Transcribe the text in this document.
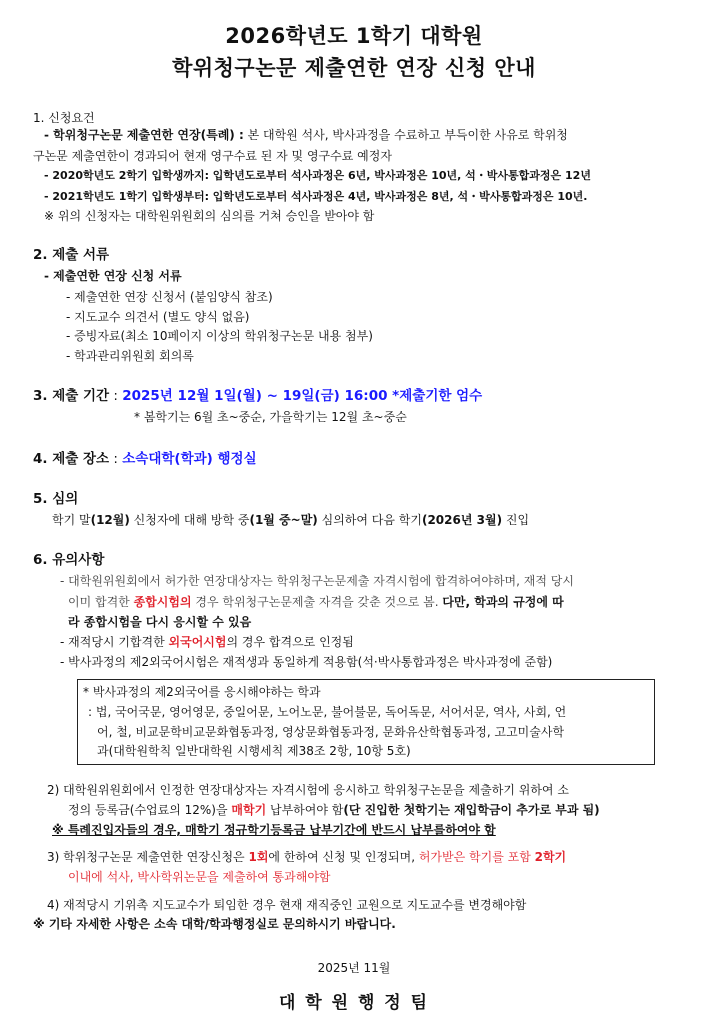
2026학년도 1학기 대학원
학위청구논문 제출연한 연장 신청 안내
1. 신청요건
- 학위청구논문 제출연한 연장(특례) : 본 대학원 석사, 박사과정을 수료하고 부득이한 사유로 학위청
구논문 제출연한이 경과되어 현재 영구수료 된 자 및 영구수료 예정자
- 2020학년도 2학기 입학생까지: 입학년도로부터 석사과정은 6년, 박사과정은 10년, 석・박사통합과정은 12년
- 2021학년도 1학기 입학생부터: 입학년도로부터 석사과정은 4년, 박사과정은 8년, 석・박사통합과정은 10년.
※ 위의 신청자는 대학원위원회의 심의를 거쳐 승인을 받아야 함
2. 제출 서류
- 제출연한 연장 신청 서류
- 제출연한 연장 신청서 (붙임양식 참조)
- 지도교수 의견서 (별도 양식 없음)
- 증빙자료(최소 10페이지 이상의 학위청구논문 내용 첨부)
- 학과관리위원회 회의록
3. 제출 기간 : 2025년 12월 1일(월) ~ 19일(금) 16:00 *제출기한 엄수
* 봄학기는 6월 초~중순, 가을학기는 12월 초~중순
4. 제출 장소 : 소속대학(학과) 행정실
5. 심의
학기 말(12월) 신청자에 대해 방학 중(1월 중~말) 심의하여 다음 학기(2026년 3월) 진입
6. 유의사항
- 대학원위원회에서 허가한 연장대상자는 학위청구논문제출 자격시험에 합격하여야하며, 재적 당시
이미 합격한 종합시험의 경우 학위청구논문제출 자격을 갖춘 것으로 봄. 다만, 학과의 규정에 따
라 종합시험을 다시 응시할 수 있음
- 재적당시 기합격한 외국어시험의 경우 합격으로 인정됨
- 박사과정의 제2외국어시험은 재적생과 동일하게 적용함(석·박사통합과정은 박사과정에 준함)
* 박사과정의 제2외국어를 응시해야하는 학과
: 법, 국어국문, 영어영문, 중일어문, 노어노문, 불어불문, 독어독문, 서어서문, 역사, 사회, 언
어, 철, 비교문학비교문화협동과정, 영상문화협동과정, 문화유산학협동과정, 고고미술사학
과(대학원학칙 일반대학원 시행세칙 제38조 2항, 10항 5호)
2) 대학원위원회에서 인정한 연장대상자는 자격시험에 응시하고 학위청구논문을 제출하기 위하여 소
정의 등록금(수업료의 12%)을 매학기 납부하여야 함(단 진입한 첫학기는 재입학금이 추가로 부과 됨)
※ 특례진입자들의 경우, 매학기 정규학기등록금 납부기간에 반드시 납부를하여야 함
3) 학위청구논문 제출연한 연장신청은 1회에 한하여 신청 및 인정되며, 허가받은 학기를 포함 2학기
이내에 석사, 박사학위논문을 제출하여 통과해야함
4) 재적당시 기위촉 지도교수가 퇴임한 경우 현재 재직중인 교원으로 지도교수를 변경해야함
※ 기타 자세한 사항은 소속 대학/학과행정실로 문의하시기 바랍니다.
2025년 11월
대 학 원 행 정 팀
